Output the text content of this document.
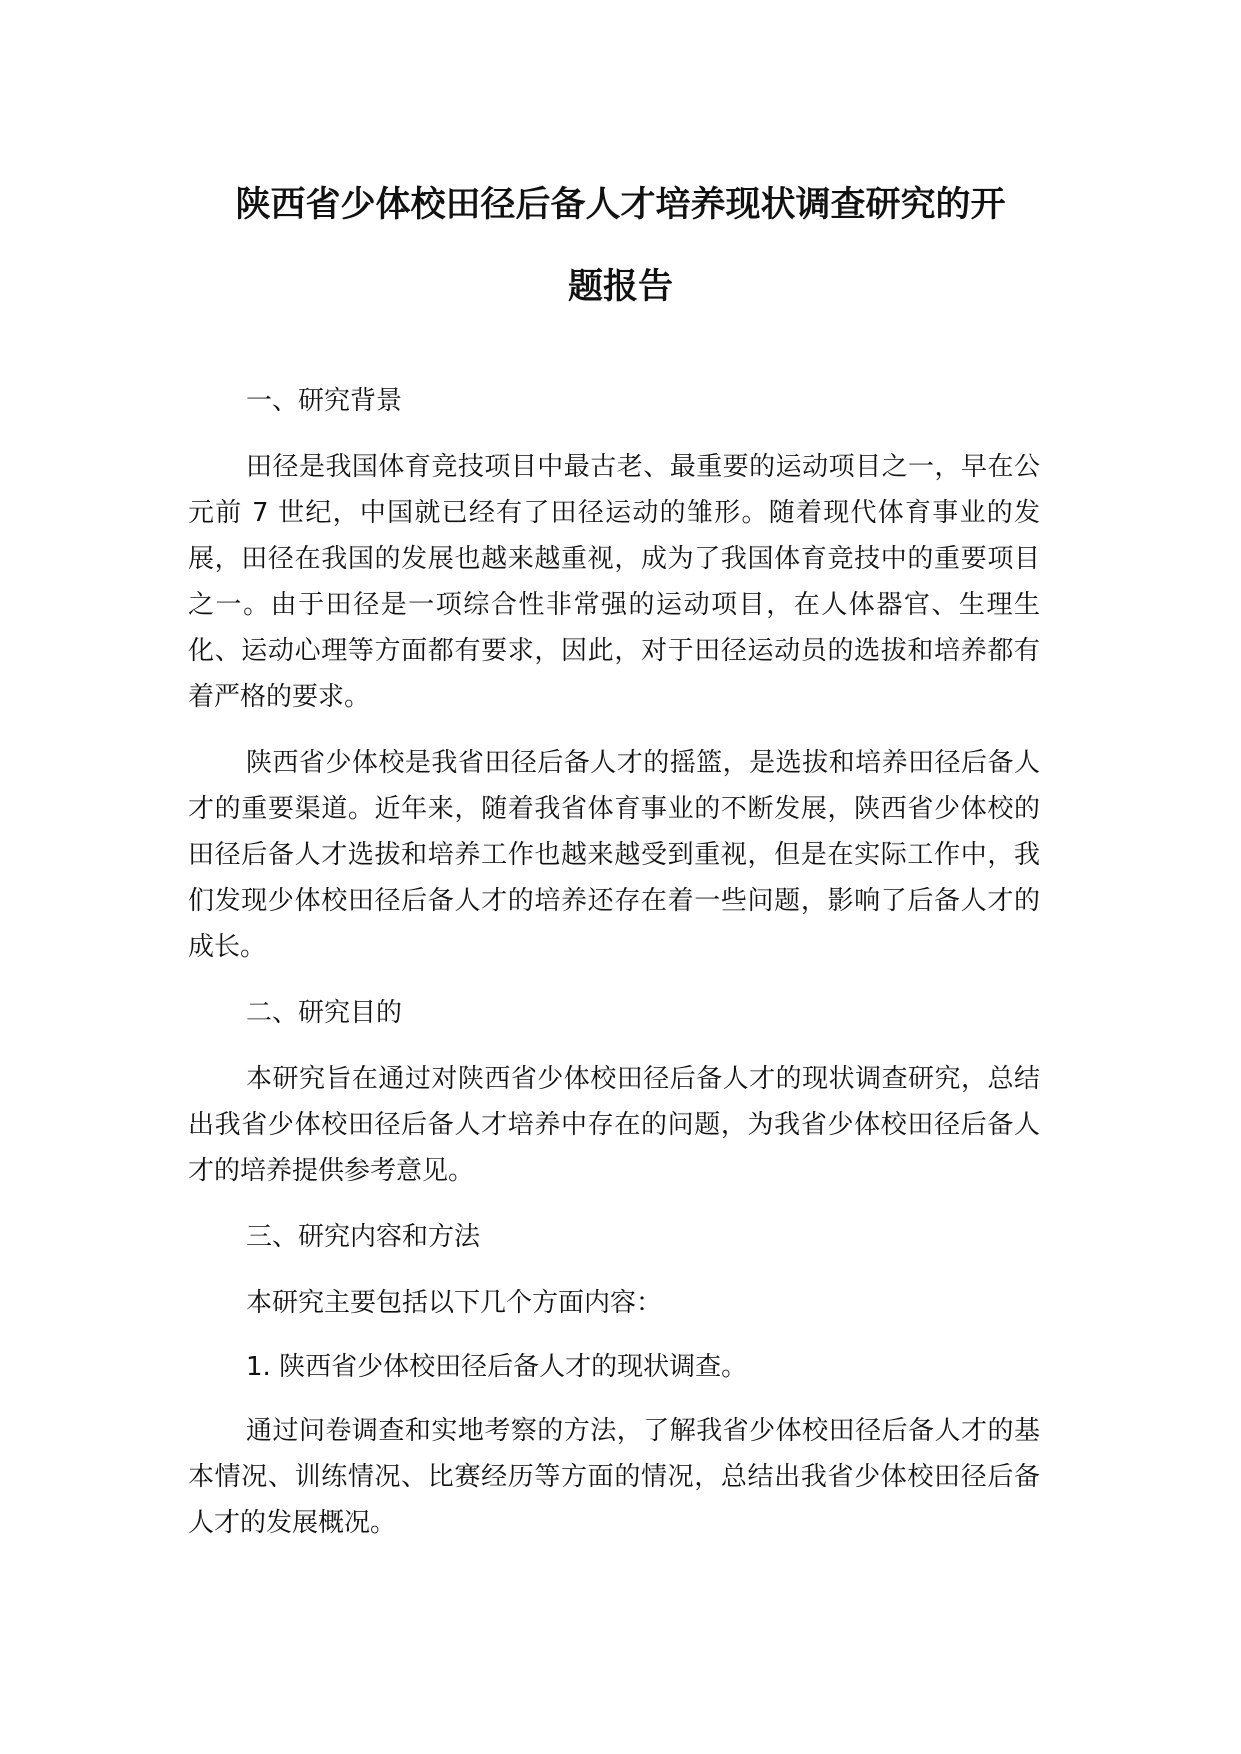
陕西省少体校田径后备人才培养现状调查研究的开
题报告

一、研究背景

田径是我国体育竞技项目中最古老、最重要的运动项目之一，早在公元前 7 世纪，中国就已经有了田径运动的雏形。随着现代体育事业的发展，田径在我国的发展也越来越重视，成为了我国体育竞技中的重要项目之一。由于田径是一项综合性非常强的运动项目，在人体器官、生理生化、运动心理等方面都有要求，因此，对于田径运动员的选拔和培养都有着严格的要求。

陕西省少体校是我省田径后备人才的摇篮，是选拔和培养田径后备人才的重要渠道。近年来，随着我省体育事业的不断发展，陕西省少体校的田径后备人才选拔和培养工作也越来越受到重视，但是在实际工作中，我们发现少体校田径后备人才的培养还存在着一些问题，影响了后备人才的成长。

二、研究目的

本研究旨在通过对陕西省少体校田径后备人才的现状调查研究，总结出我省少体校田径后备人才培养中存在的问题，为我省少体校田径后备人才的培养提供参考意见。

三、研究内容和方法

本研究主要包括以下几个方面内容：

1. 陕西省少体校田径后备人才的现状调查。

通过问卷调查和实地考察的方法，了解我省少体校田径后备人才的基本情况、训练情况、比赛经历等方面的情况，总结出我省少体校田径后备人才的发展概况。
